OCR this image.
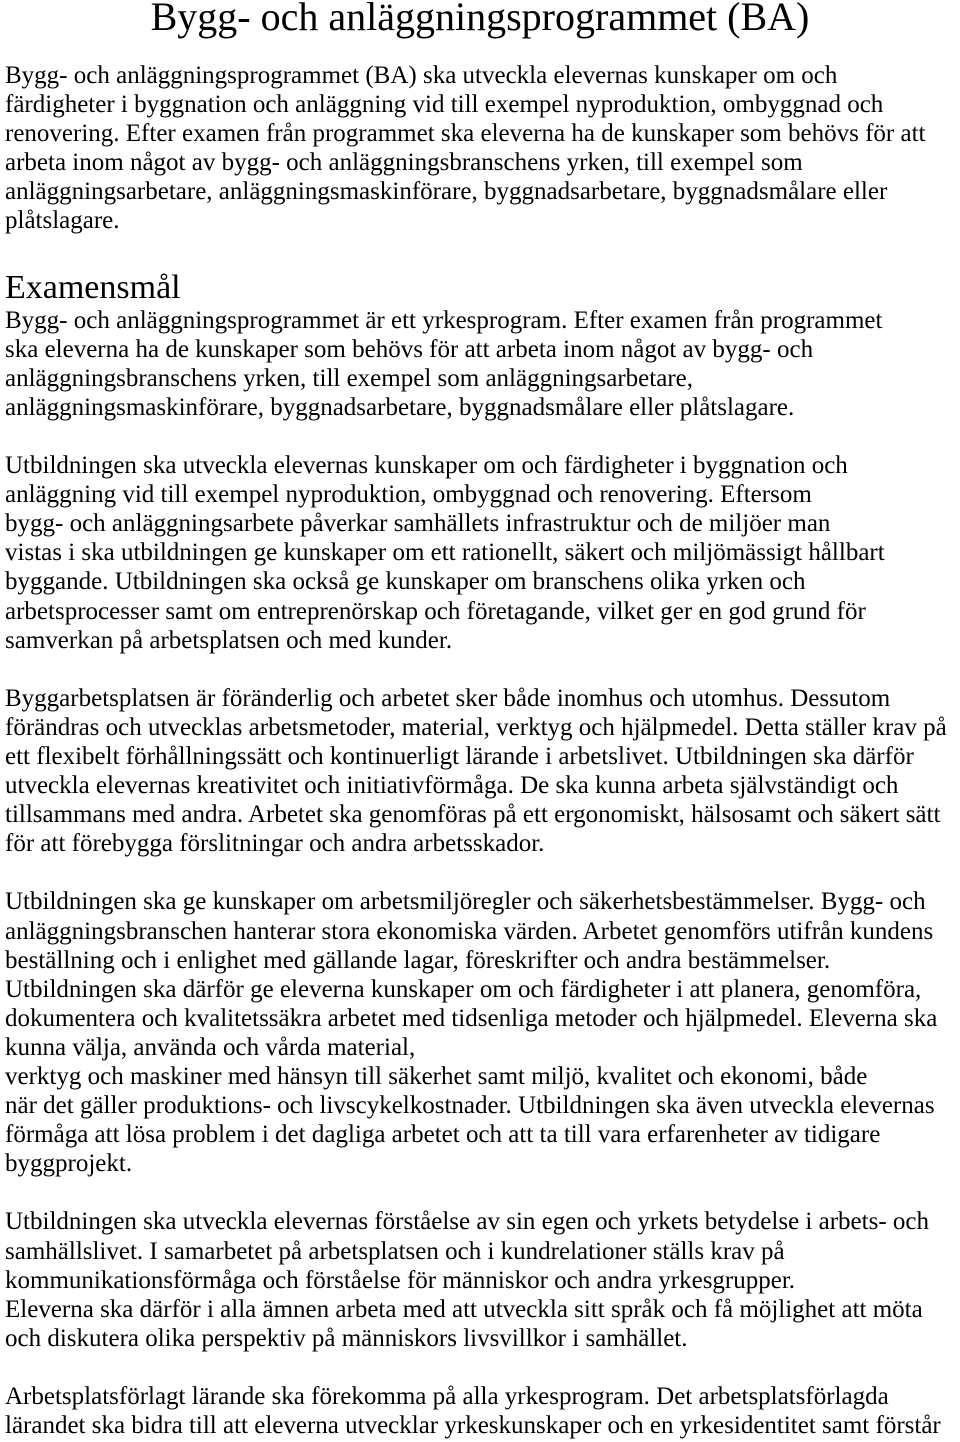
Bygg- och anläggningsprogrammet (BA)
Bygg- och anläggningsprogrammet (BA) ska utveckla elevernas kunskaper om och
färdigheter i byggnation och anläggning vid till exempel nyproduktion, ombyggnad och
renovering. Efter examen från programmet ska eleverna ha de kunskaper som behövs för att
arbeta inom något av bygg- och anläggningsbranschens yrken, till exempel som
anläggningsarbetare, anläggningsmaskinförare, byggnadsarbetare, byggnadsmålare eller
plåtslagare.
Examensmål
Bygg- och anläggningsprogrammet är ett yrkesprogram. Efter examen från programmet
ska eleverna ha de kunskaper som behövs för att arbeta inom något av bygg- och
anläggningsbranschens yrken, till exempel som anläggningsarbetare,
anläggningsmaskinförare, byggnadsarbetare, byggnadsmålare eller plåtslagare.
Utbildningen ska utveckla elevernas kunskaper om och färdigheter i byggnation och
anläggning vid till exempel nyproduktion, ombyggnad och renovering. Eftersom
bygg- och anläggningsarbete påverkar samhällets infrastruktur och de miljöer man
vistas i ska utbildningen ge kunskaper om ett rationellt, säkert och miljömässigt hållbart
byggande. Utbildningen ska också ge kunskaper om branschens olika yrken och
arbetsprocesser samt om entreprenörskap och företagande, vilket ger en god grund för
samverkan på arbetsplatsen och med kunder.
Byggarbetsplatsen är föränderlig och arbetet sker både inomhus och utomhus. Dessutom
förändras och utvecklas arbetsmetoder, material, verktyg och hjälpmedel. Detta ställer krav på
ett flexibelt förhållningssätt och kontinuerligt lärande i arbetslivet. Utbildningen ska därför
utveckla elevernas kreativitet och initiativförmåga. De ska kunna arbeta självständigt och
tillsammans med andra. Arbetet ska genomföras på ett ergonomiskt, hälsosamt och säkert sätt
för att förebygga förslitningar och andra arbetsskador.
Utbildningen ska ge kunskaper om arbetsmiljöregler och säkerhetsbestämmelser. Bygg- och
anläggningsbranschen hanterar stora ekonomiska värden. Arbetet genomförs utifrån kundens
beställning och i enlighet med gällande lagar, föreskrifter och andra bestämmelser.
Utbildningen ska därför ge eleverna kunskaper om och färdigheter i att planera, genomföra,
dokumentera och kvalitetssäkra arbetet med tidsenliga metoder och hjälpmedel. Eleverna ska
kunna välja, använda och vårda material,
verktyg och maskiner med hänsyn till säkerhet samt miljö, kvalitet och ekonomi, både
när det gäller produktions- och livscykelkostnader. Utbildningen ska även utveckla elevernas
förmåga att lösa problem i det dagliga arbetet och att ta till vara erfarenheter av tidigare
byggprojekt.
Utbildningen ska utveckla elevernas förståelse av sin egen och yrkets betydelse i arbets- och
samhällslivet. I samarbetet på arbetsplatsen och i kundrelationer ställs krav på
kommunikationsförmåga och förståelse för människor och andra yrkesgrupper.
Eleverna ska därför i alla ämnen arbeta med att utveckla sitt språk och få möjlighet att möta
och diskutera olika perspektiv på människors livsvillkor i samhället.
Arbetsplatsförlagt lärande ska förekomma på alla yrkesprogram. Det arbetsplatsförlagda
lärandet ska bidra till att eleverna utvecklar yrkeskunskaper och en yrkesidentitet samt förstår
